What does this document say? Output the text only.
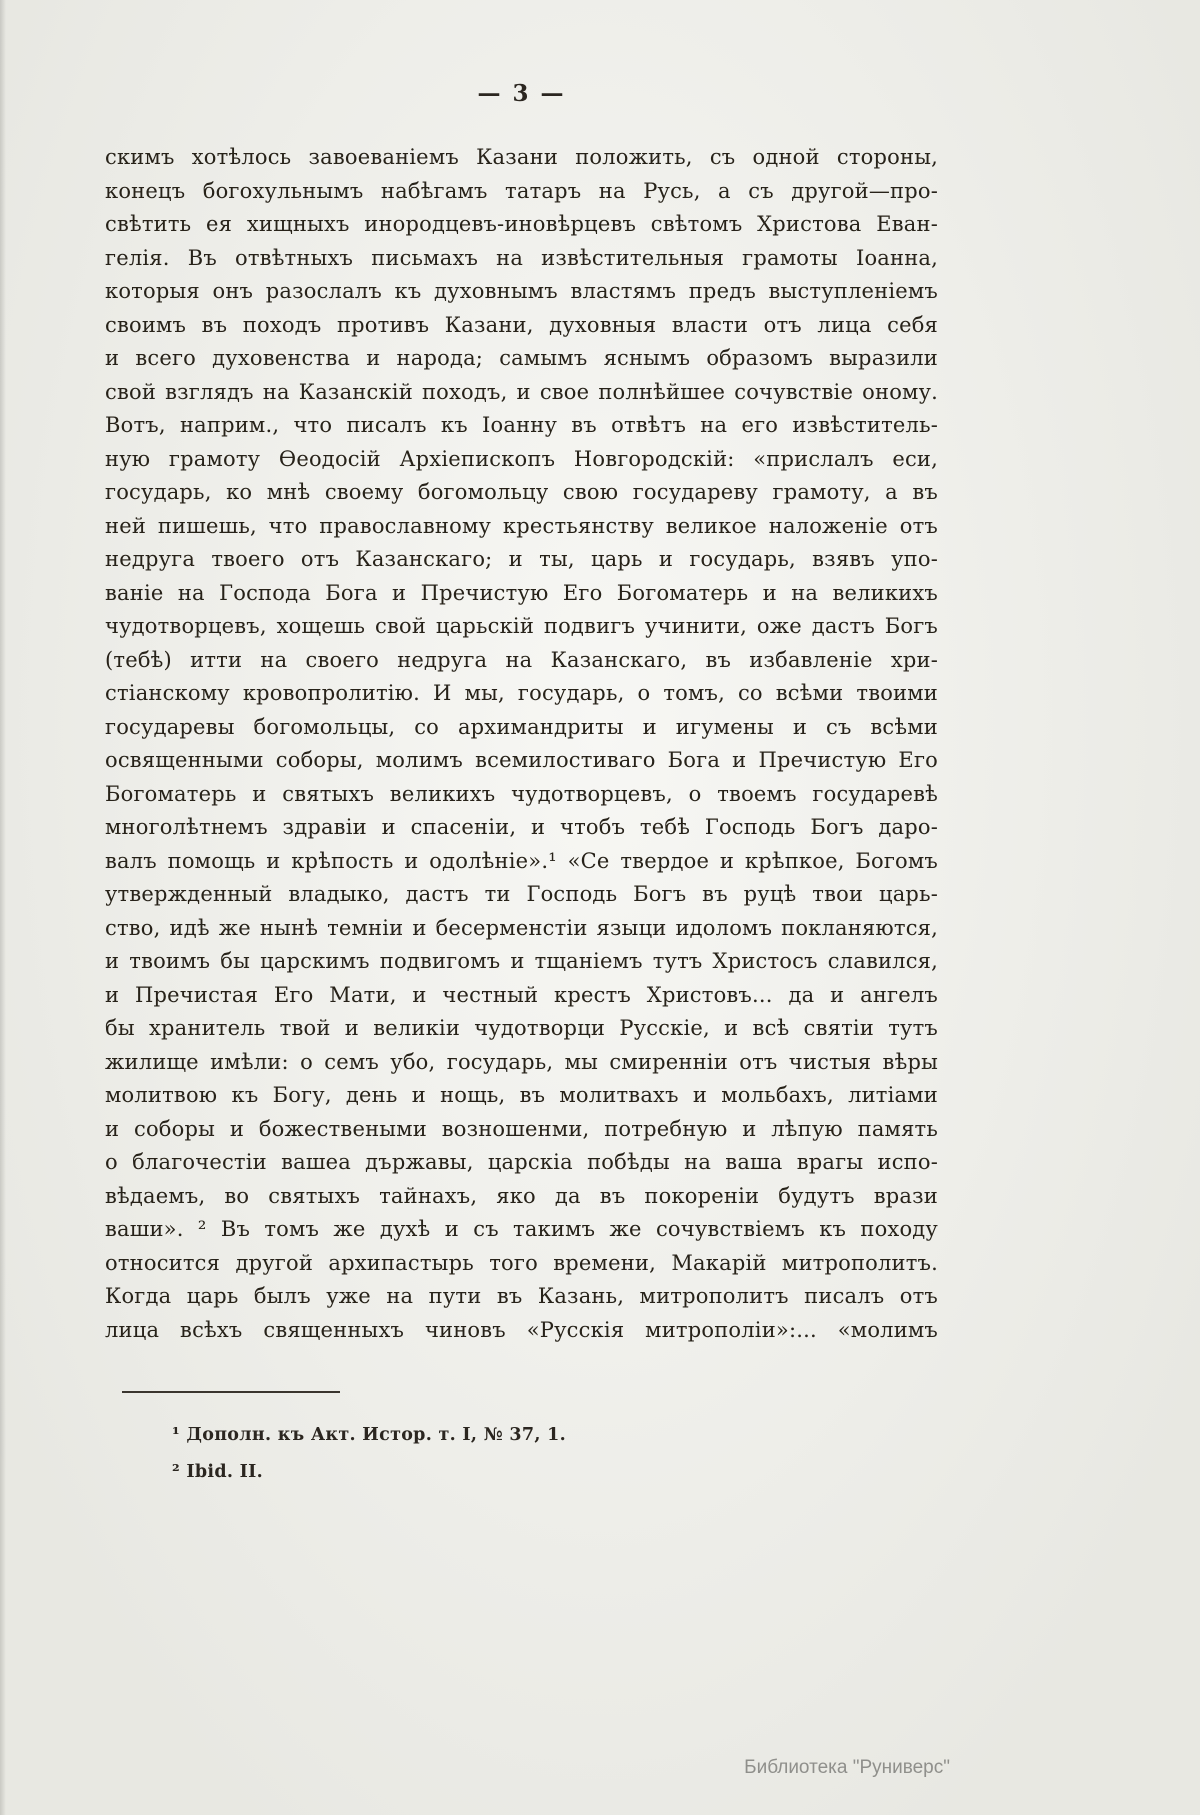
— 3 —
скимъ хотѣлось завоеваніемъ Казани положить, съ одной стороны,
конецъ богохульнымъ набѣгамъ татаръ на Русь, а съ другой—про-
свѣтить ея хищныхъ инородцевъ-иновѣрцевъ свѣтомъ Христова Еван-
гелія. Въ отвѣтныхъ письмахъ на извѣстительныя грамоты Іоанна,
которыя онъ разослалъ къ духовнымъ властямъ предъ выступленіемъ
своимъ въ походъ противъ Казани, духовныя власти отъ лица себя
и всего духовенства и народа; самымъ яснымъ образомъ выразили
свой взглядъ на Казанскій походъ, и свое полнѣйшее сочувствіе оному.
Вотъ, наприм., что писалъ къ Іоанну въ отвѣтъ на его извѣститель-
ную грамоту Ѳеодосій Архіепископъ Новгородскій: «прислалъ еси,
государь, ко мнѣ своему богомольцу свою государеву грамоту, а въ
ней пишешь, что православному крестьянству великое наложеніе отъ
недруга твоего отъ Казанскаго; и ты, царь и государь, взявъ упо-
ваніе на Господа Бога и Пречистую Его Богоматерь и на великихъ
чудотворцевъ, хощешь свой царьскій подвигъ учинити, оже дастъ Богъ
(тебѣ) итти на своего недруга на Казанскаго, въ избавленіе хри-
стіанскому кровопролитію. И мы, государь, о томъ, со всѣми твоими
государевы богомольцы, со архимандриты и игумены и съ всѣми
освященными соборы, молимъ всемилостиваго Бога и Пречистую Его
Богоматерь и святыхъ великихъ чудотворцевъ, о твоемъ государевѣ
многолѣтнемъ здравіи и спасеніи, и чтобъ тебѣ Господь Богъ даро-
валъ помощь и крѣпость и одолѣніе».¹ «Се твердое и крѣпкое, Богомъ
утвержденный владыко, дастъ ти Господь Богъ въ руцѣ твои царь-
ство, идѣ же нынѣ темніи и бесерменстіи языци идоломъ покланяются,
и твоимъ бы царскимъ подвигомъ и тщаніемъ тутъ Христосъ славился,
и Пречистая Его Мати, и честный крестъ Христовъ... да и ангелъ
бы хранитель твой и великіи чудотворци Русскіе, и всѣ святіи тутъ
жилище имѣли: о семъ убо, государь, мы смиренніи отъ чистыя вѣры
молитвою къ Богу, день и нощь, въ молитвахъ и мольбахъ, литіами
и соборы и божествеными возношенми, потребную и лѣпую память
о благочестіи вашеа държавы, царскіа побѣды на ваша врагы испо-
вѣдаемъ, во святыхъ тайнахъ, яко да въ покореніи будутъ врази
ваши». ² Въ томъ же духѣ и съ такимъ же сочувствіемъ къ походу
относится другой архипастырь того времени, Макарій митрополитъ.
Когда царь былъ уже на пути въ Казань, митрополитъ писалъ отъ
лица всѣхъ священныхъ чиновъ «Русскія митрополіи»:... «молимъ
¹ Дополн. къ Акт. Истор. т. I, № 37, 1.
² Ibid. II.
Библиотека "Руниверс"
